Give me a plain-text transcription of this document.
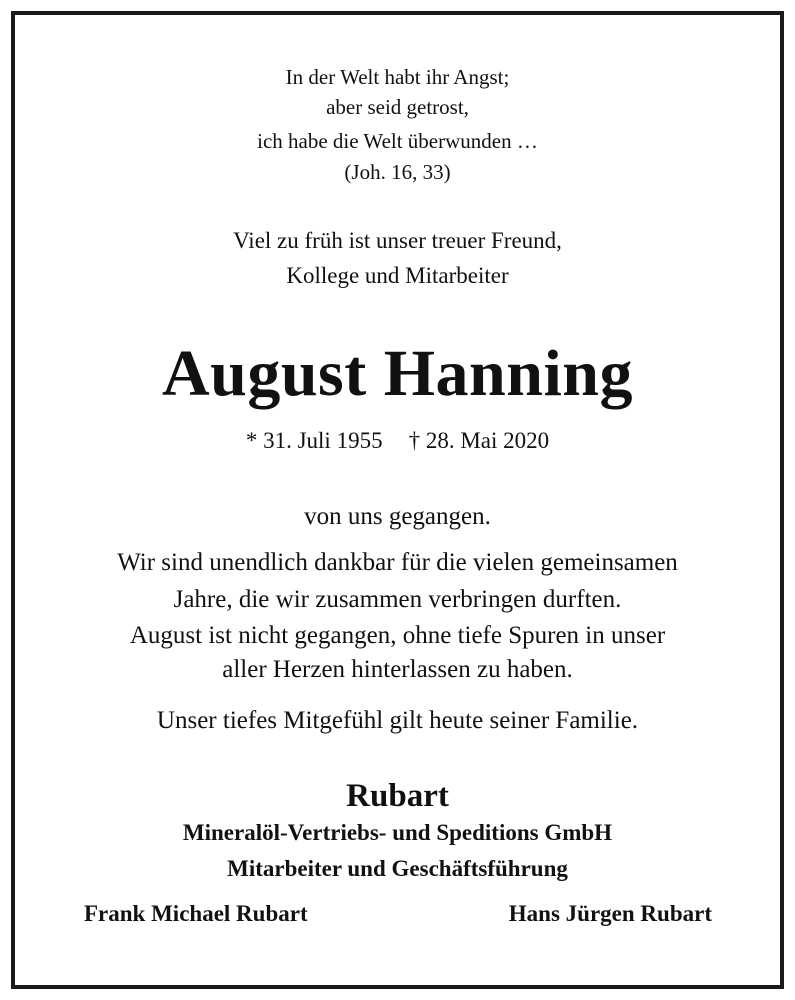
In der Welt habt ihr Angst;
aber seid getrost,
ich habe die Welt überwunden …
(Joh. 16, 33)
Viel zu früh ist unser treuer Freund,
Kollege und Mitarbeiter
August Hanning
* 31. Juli 1955 † 28. Mai 2020
von uns gegangen.
Wir sind unendlich dankbar für die vielen gemeinsamen
Jahre, die wir zusammen verbringen durften.
August ist nicht gegangen, ohne tiefe Spuren in unser
aller Herzen hinterlassen zu haben.
Unser tiefes Mitgefühl gilt heute seiner Familie.
Rubart
Mineralöl-Vertriebs- und Speditions GmbH
Mitarbeiter und Geschäftsführung
Frank Michael Rubart	Hans Jürgen Rubart
